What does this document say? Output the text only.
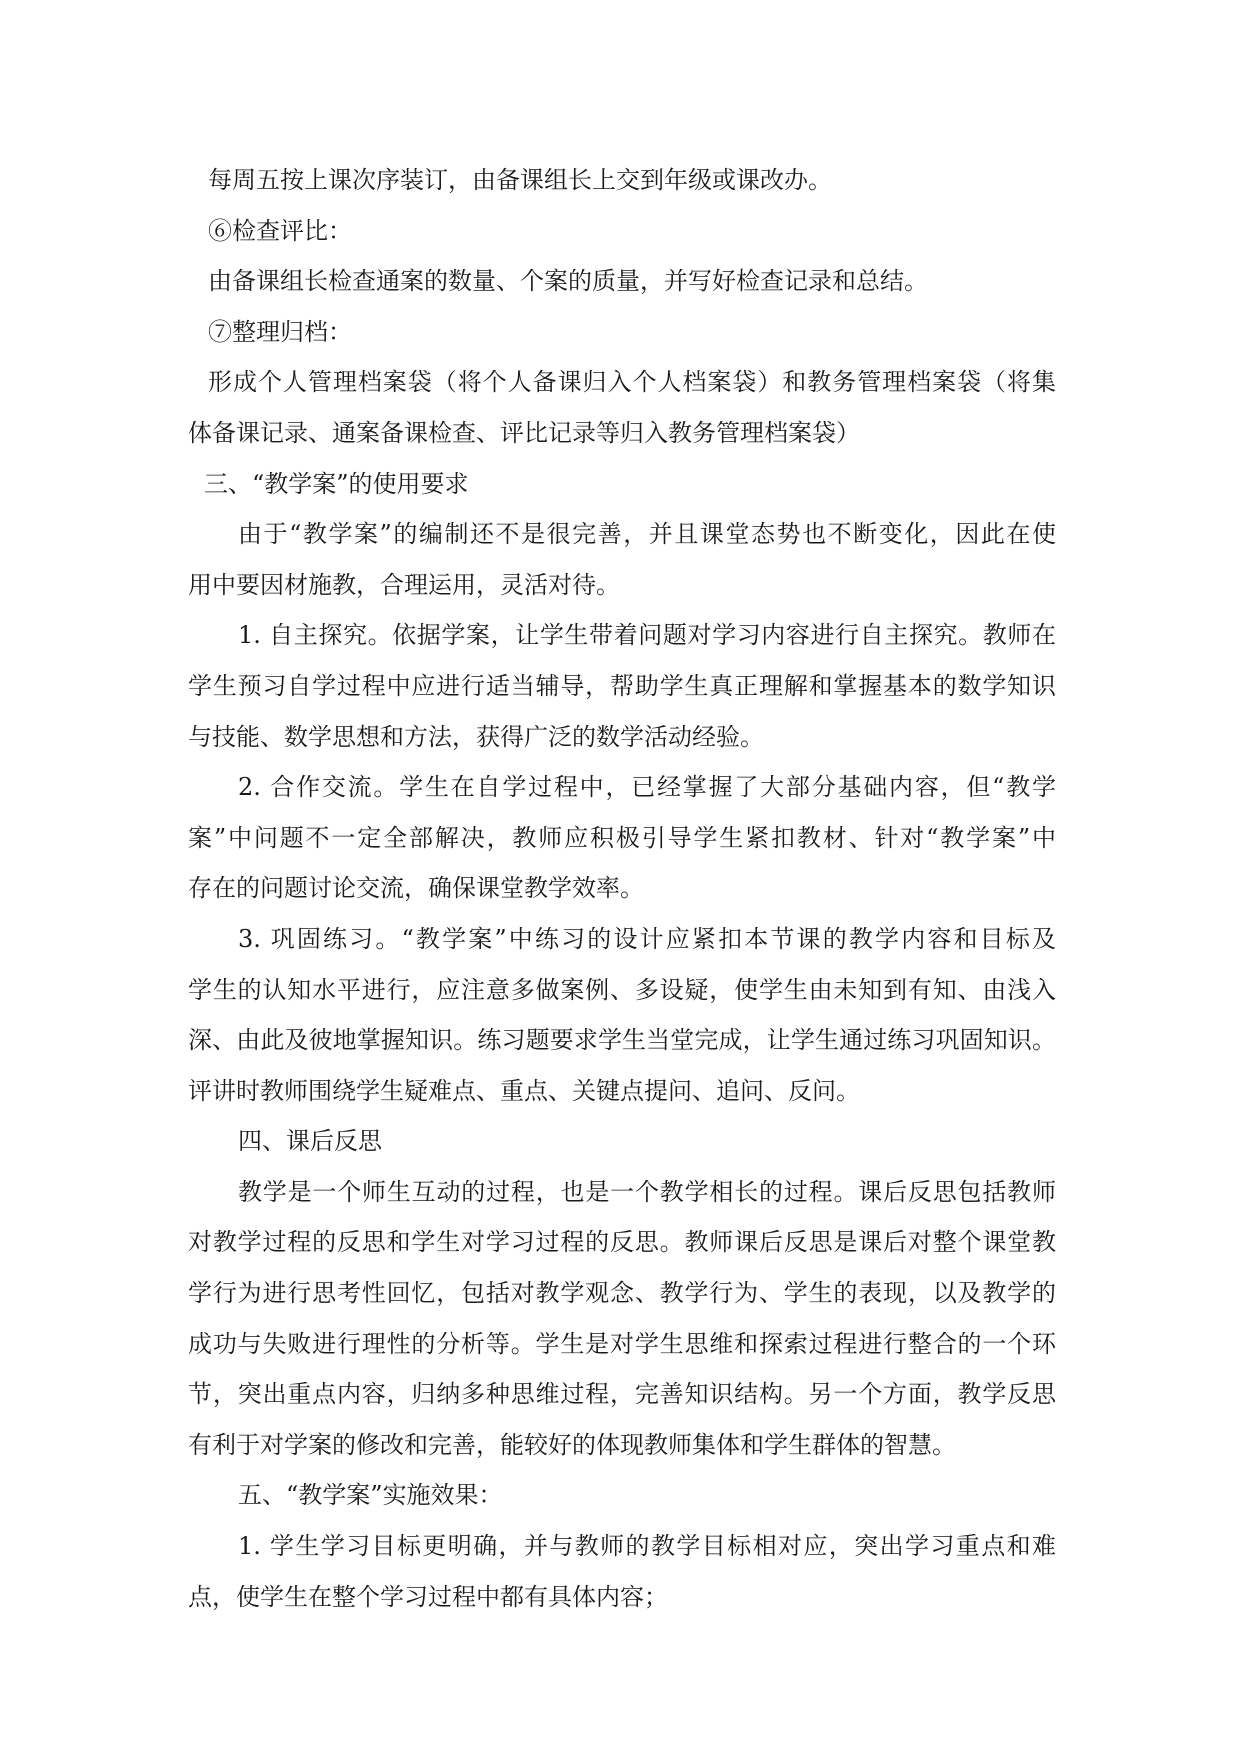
每周五按上课次序装订，由备课组长上交到年级或课改办。
⑥检查评比：
由备课组长检查通案的数量、个案的质量，并写好检查记录和总结。
⑦整理归档：
形成个人管理档案袋（将个人备课归入个人档案袋）和教务管理档案袋（将集
体备课记录、通案备课检查、评比记录等归入教务管理档案袋）
三、“教学案”的使用要求
由于“教学案”的编制还不是很完善，并且课堂态势也不断变化，因此在使
用中要因材施教，合理运用，灵活对待。
1. 自主探究。依据学案，让学生带着问题对学习内容进行自主探究。教师在
学生预习自学过程中应进行适当辅导，帮助学生真正理解和掌握基本的数学知识
与技能、数学思想和方法，获得广泛的数学活动经验。
2. 合作交流。学生在自学过程中，已经掌握了大部分基础内容，但“教学
案”中问题不一定全部解决，教师应积极引导学生紧扣教材、针对“教学案”中
存在的问题讨论交流，确保课堂教学效率。
3. 巩固练习。“教学案”中练习的设计应紧扣本节课的教学内容和目标及
学生的认知水平进行，应注意多做案例、多设疑，使学生由未知到有知、由浅入
深、由此及彼地掌握知识。练习题要求学生当堂完成，让学生通过练习巩固知识。
评讲时教师围绕学生疑难点、重点、关键点提问、追问、反问。
四、课后反思
教学是一个师生互动的过程，也是一个教学相长的过程。课后反思包括教师
对教学过程的反思和学生对学习过程的反思。教师课后反思是课后对整个课堂教
学行为进行思考性回忆，包括对教学观念、教学行为、学生的表现，以及教学的
成功与失败进行理性的分析等。学生是对学生思维和探索过程进行整合的一个环
节，突出重点内容，归纳多种思维过程，完善知识结构。另一个方面，教学反思
有利于对学案的修改和完善，能较好的体现教师集体和学生群体的智慧。
五、“教学案”实施效果：
1. 学生学习目标更明确，并与教师的教学目标相对应，突出学习重点和难
点，使学生在整个学习过程中都有具体内容；
